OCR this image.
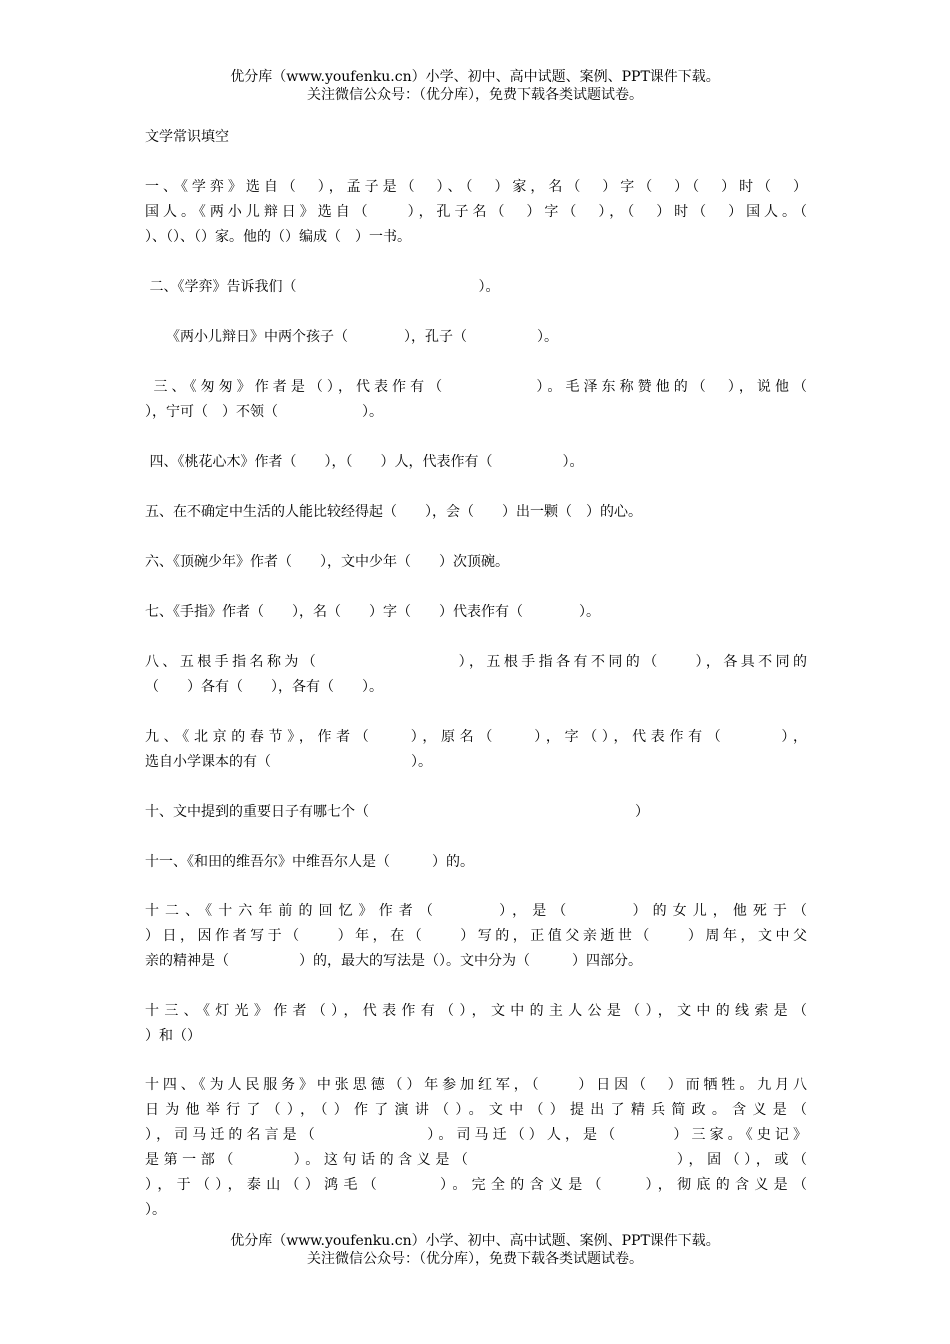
优分库（www.youfenku.cn）小学、初中、高中试题、案例、PPT课件下载。
关注微信公众号：（优分库），免费下载各类试题试卷。
文学常识填空
一、《学弈》选自（　），孟子是（　）、（　）家，名（　）字（　）（　）时（　）
国人。《两小儿辩日》选自（　　），孔子名（　）字（　），（　）时（　）国人。（
）、（）、（）家。他的（）编成（　）一书。
二、《学弈》告诉我们（　　　　　　　　　　　　　）。
　　《两小儿辩日》中两个孩子（　　　　），孔子（　　　　　）。
三、《匆匆》作者是（），代表作有（　　　　　）。毛泽东称赞他的（　），说他（
），宁可（　）不领（　　　　　　）。
四、《桃花心木》作者（　　），（　　）人，代表作有（　　　　　）。
五、在不确定中生活的人能比较经得起（　　），会（　　）出一颗（　）的心。
六、《顶碗少年》作者（　　），文中少年（　　）次顶碗。
七、《手指》作者（　　），名（　　）字（　　）代表作有（　　　　）。
八、五根手指名称为（　　　　　　　　），五根手指各有不同的（　　），各具不同的
（　　）各有（　　），各有（　　）。
九、《北京的春节》，作者（　　），原名（　　），字（），代表作有（　　　），
选自小学课本的有（　　　　　　　　　　）。
十、文中提到的重要日子有哪七个（　　　　　　　　　　　　　　　　　　　）
十一、《和田的维吾尔》中维吾尔人是（　　　）的。
十二、《十六年前的回忆》作者（　　　），是（　　　）的女儿，他死于（
）日，因作者写于（　　）年，在（　　）写的，正值父亲逝世（　　）周年，文中父
亲的精神是（　　　　　）的，最大的写法是（）。文中分为（　　　）四部分。
十三、《灯光》作者（），代表作有（），文中的主人公是（），文中的线索是（
）和（）
十四、《为人民服务》中张思德（）年参加红军，（　　）日因（　）而牺牲。九月八
日为他举行了（），（）作了演讲（）。文中（）提出了精兵简政。含义是（
），司马迁的名言是（　　　　　　）。司马迁（）人，是（　　　）三家。《史记》
是第一部（　　　）。这句话的含义是（　　　　　　　　　　　），固（），或（
），于（），泰山（）鸿毛（　　　）。完全的含义是（　　），彻底的含义是（
）。
优分库（www.youfenku.cn）小学、初中、高中试题、案例、PPT课件下载。
关注微信公众号：（优分库），免费下载各类试题试卷。
